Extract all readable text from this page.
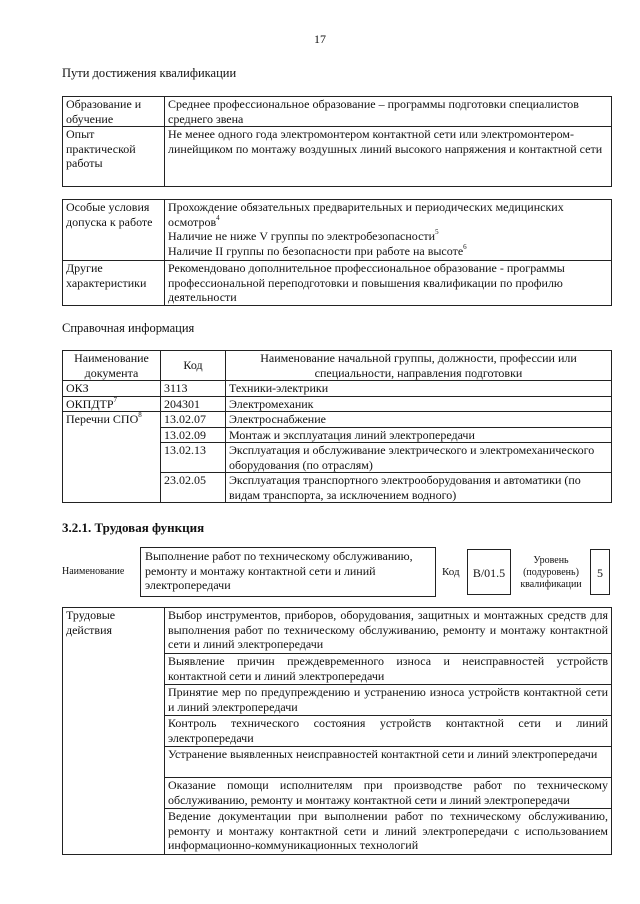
17
Пути достижения квалификации
Образование и обучение	Среднее профессиональное образование – программы подготовки специалистов среднего звена
Опыт практической работы	Не менее одного года электромонтером контактной сети или электромонтером-линейщиком по монтажу воздушных линий высокого напряжения и контактной сети
Особые условия допуска к работе	Прохождение обязательных предварительных и периодических медицинских осмотров$^4$
Наличие не ниже V группы по электробезопасности$^5$
Наличие II группы по безопасности при работе на высоте$^6$

Другие характеристики	Рекомендовано дополнительное профессиональное образование - программы профессиональной переподготовки и повышения квалификации по профилю деятельности
Справочная информация
Наименование документа	Код	Наименование начальной группы, должности, профессии или специальности, направления подготовки
ОКЗ	3113	Техники-электрики
ОКПДТР$^7$	204301	Электромеханик
Перечни СПО$^8$	13.02.07	Электроснабжение
	13.02.09	Монтаж и эксплуатация линий электропередачи
	13.02.13	Эксплуатация и обслуживание электрического и электромеханического оборудования (по отраслям)
	23.02.05	Эксплуатация транспортного электрооборудования и автоматики (по видам транспорта, за исключением водного)
3.2.1. Трудовая функция
Наименование
Выполнение работ по техническому обслуживанию, ремонту и монтажу контактной сети и линий электропередачи
Код	B/01.5
Уровень (подуровень) квалификации
5
Трудовые действия	Выбор инструментов, приборов, оборудования, защитных и монтажных средств для выполнения работ по техническому обслуживанию, ремонту и монтажу контактной сети и линий электропередачи
Выявление причин преждевременного износа и неисправностей устройств контактной сети и линий электропередачи
Принятие мер по предупреждению и устранению износа устройств контактной сети и линий электропередачи
Контроль технического состояния устройств контактной сети и линий электропередачи
Устранение выявленных неисправностей контактной сети и линий электропередачи
Оказание помощи исполнителям при производстве работ по техническому обслуживанию, ремонту и монтажу контактной сети и линий электропередачи
Ведение документации при выполнении работ по техническому обслуживанию, ремонту и монтажу контактной сети и линий электропередачи с использованием информационно-коммуникационных технологий
